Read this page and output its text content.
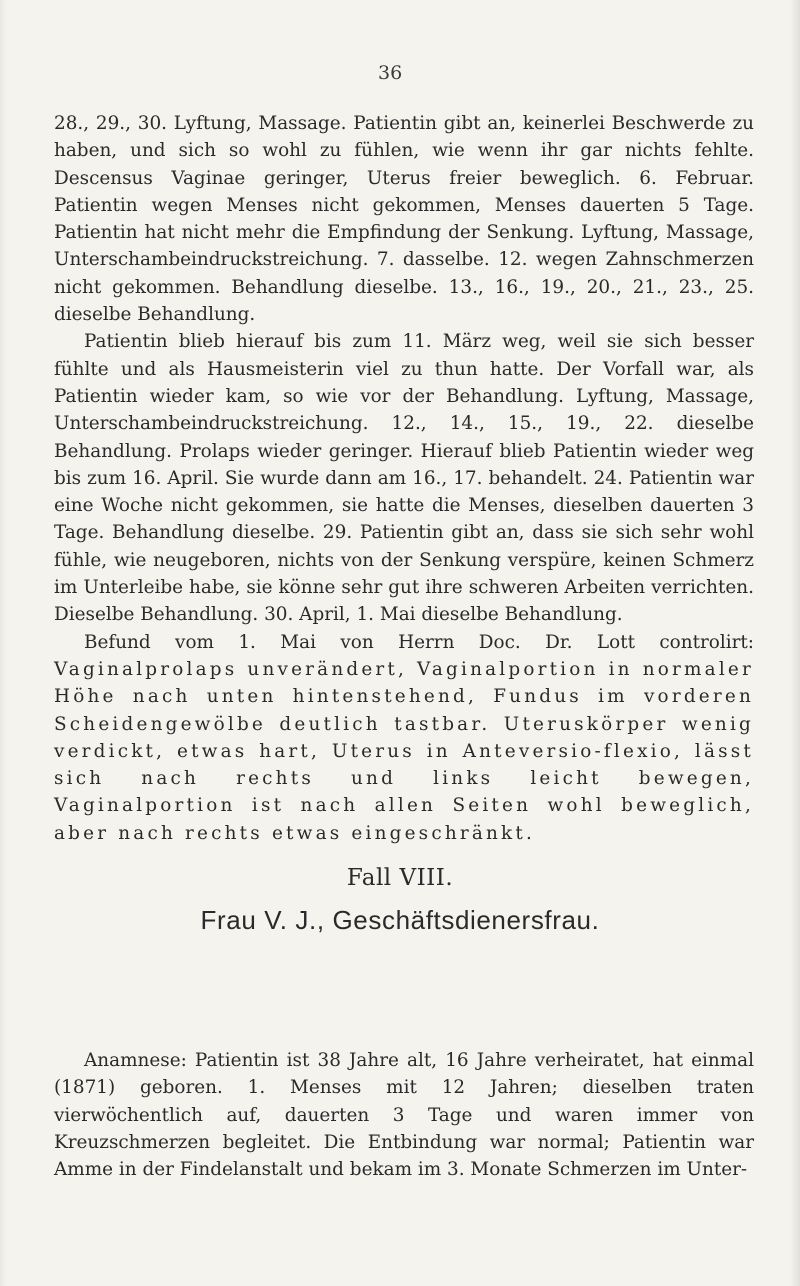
36

28., 29., 30. Lyftung, Massage. Patientin gibt an, keinerlei Beschwerde zu haben, und sich so wohl zu fühlen, wie wenn ihr gar nichts fehlte. Descensus Vaginae geringer, Uterus freier beweglich. 6. Februar. Patientin wegen Menses nicht gekommen, Menses dauerten 5 Tage. Patientin hat nicht mehr die Empfindung der Senkung. Lyftung, Massage, Unterschambeindruckstreichung. 7. dasselbe. 12. wegen Zahnschmerzen nicht gekommen. Behandlung dieselbe. 13., 16., 19., 20., 21., 23., 25. dieselbe Behandlung.

Patientin blieb hierauf bis zum 11. März weg, weil sie sich besser fühlte und als Hausmeisterin viel zu thun hatte. Der Vorfall war, als Patientin wieder kam, so wie vor der Behandlung. Lyftung, Massage, Unterschambeindruckstreichung. 12., 14., 15., 19., 22. dieselbe Behandlung. Prolaps wieder geringer. Hierauf blieb Patientin wieder weg bis zum 16. April. Sie wurde dann am 16., 17. behandelt. 24. Patientin war eine Woche nicht gekommen, sie hatte die Menses, dieselben dauerten 3 Tage. Behandlung dieselbe. 29. Patientin gibt an, dass sie sich sehr wohl fühle, wie neugeboren, nichts von der Senkung verspüre, keinen Schmerz im Unterleibe habe, sie könne sehr gut ihre schweren Arbeiten verrichten. Dieselbe Behandlung. 30. April, 1. Mai dieselbe Behandlung.

Befund vom 1. Mai von Herrn Doc. Dr. Lott controlirt: Vaginalprolaps unverändert, Vaginalportion in normaler Höhe nach unten hintenstehend, Fundus im vorderen Scheidengewölbe deutlich tastbar. Uteruskörper wenig verdickt, etwas hart, Uterus in Anteversio-flexio, lässt sich nach rechts und links leicht bewegen, Vaginalportion ist nach allen Seiten wohl beweglich, aber nach rechts etwas eingeschränkt.

Fall VIII.
Frau V. J., Geschäftsdienersfrau.

Anamnese: Patientin ist 38 Jahre alt, 16 Jahre verheiratet, hat einmal (1871) geboren. 1. Menses mit 12 Jahren; dieselben traten vierwöchentlich auf, dauerten 3 Tage und waren immer von Kreuzschmerzen begleitet. Die Entbindung war normal; Patientin war Amme in der Findelanstalt und bekam im 3. Monate Schmerzen im Unter-
